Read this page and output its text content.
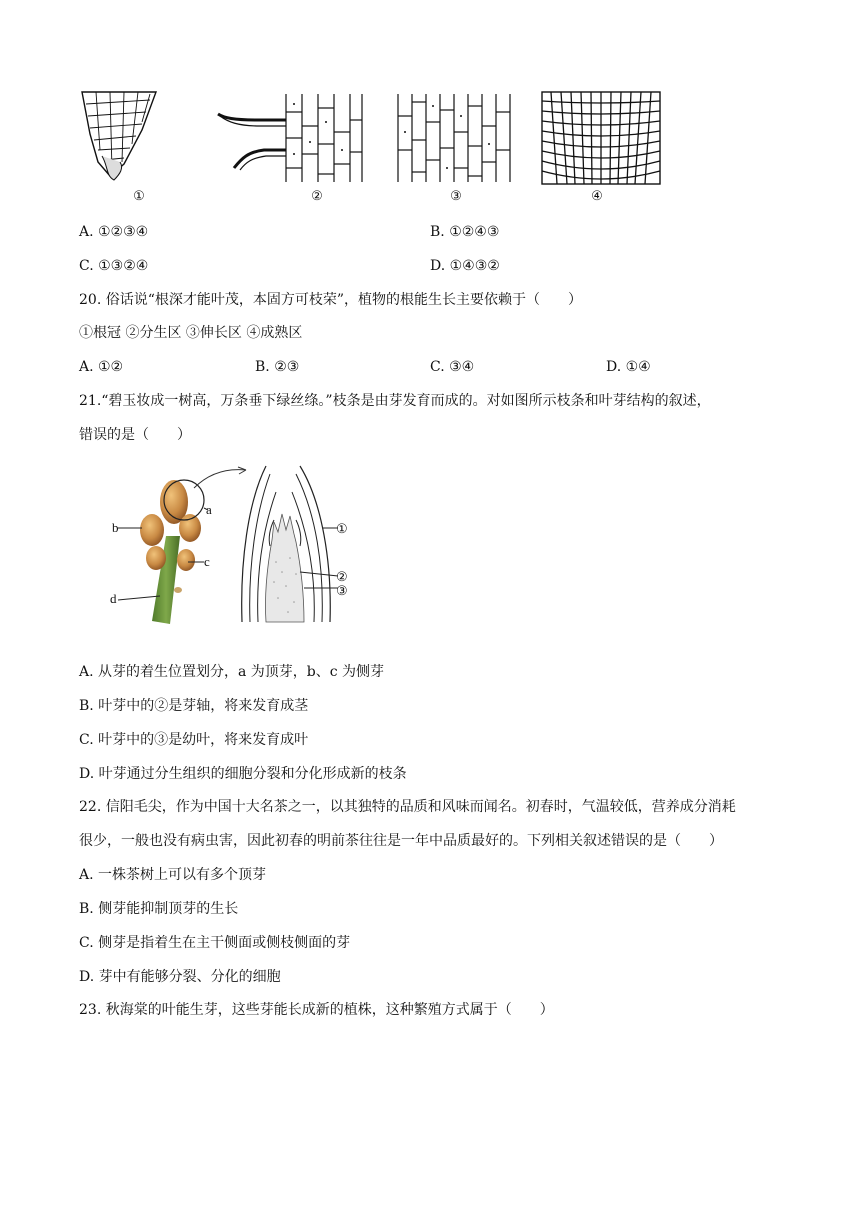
①	②	③	④
A. ①②③④	B. ①②④③
C. ①③②④	D. ①④③②
20. 俗话说“根深才能叶茂，本固方可枝荣”，植物的根能生长主要依赖于（　　）
①根冠 ②分生区 ③伸长区 ④成熟区
A. ①②	B. ②③	C. ③④	D. ①④
21.“碧玉妆成一树高，万条垂下绿丝绦。”枝条是由芽发育而成的。对如图所示枝条和叶芽结构的叙述，
错误的是（　　）
a
b
c
d
①
②
③
A. 从芽的着生位置划分，a 为顶芽，b、c 为侧芽
B. 叶芽中的②是芽轴，将来发育成茎
C. 叶芽中的③是幼叶，将来发育成叶
D. 叶芽通过分生组织的细胞分裂和分化形成新的枝条
22. 信阳毛尖，作为中国十大名茶之一，以其独特的品质和风味而闻名。初春时，气温较低，营养成分消耗
很少，一般也没有病虫害，因此初春的明前茶往往是一年中品质最好的。下列相关叙述错误的是（　　）
A. 一株茶树上可以有多个顶芽
B. 侧芽能抑制顶芽的生长
C. 侧芽是指着生在主干侧面或侧枝侧面的芽
D. 芽中有能够分裂、分化的细胞
23. 秋海棠的叶能生芽，这些芽能长成新的植株，这种繁殖方式属于（　　）
